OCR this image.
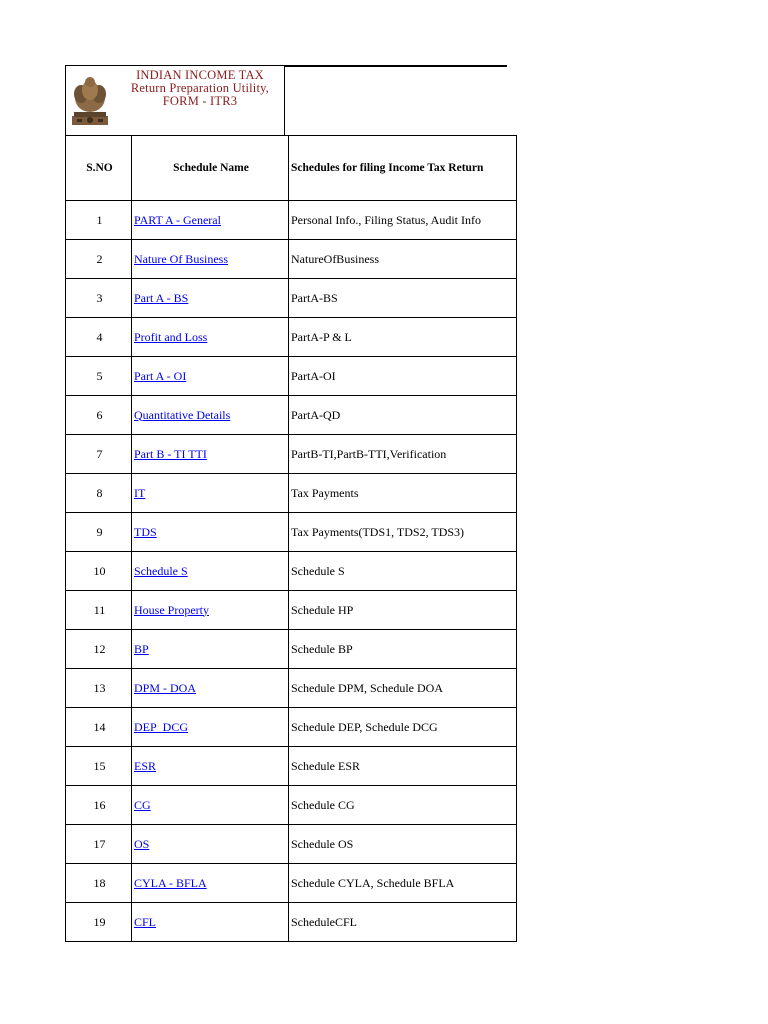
INDIAN INCOME TAX
Return Preparation Utility,
FORM - ITR3
S.NO	Schedule Name	Schedules for filing Income Tax Return
1	PART A - General	Personal Info., Filing Status, Audit Info
2	Nature Of Business	NatureOfBusiness
3	Part A - BS	PartA-BS
4	Profit and Loss	PartA-P & L
5	Part A - OI	PartA-OI
6	Quantitative Details	PartA-QD
7	Part B - TI TTI	PartB-TI,PartB-TTI,Verification
8	IT	Tax Payments
9	TDS	Tax Payments(TDS1, TDS2, TDS3)
10	Schedule S	Schedule S
11	House Property	Schedule HP
12	BP	Schedule BP
13	DPM - DOA	Schedule DPM, Schedule DOA
14	DEP_DCG	Schedule DEP, Schedule DCG
15	ESR	Schedule ESR
16	CG	Schedule CG
17	OS	Schedule OS
18	CYLA - BFLA	Schedule CYLA, Schedule BFLA
19	CFL	ScheduleCFL
